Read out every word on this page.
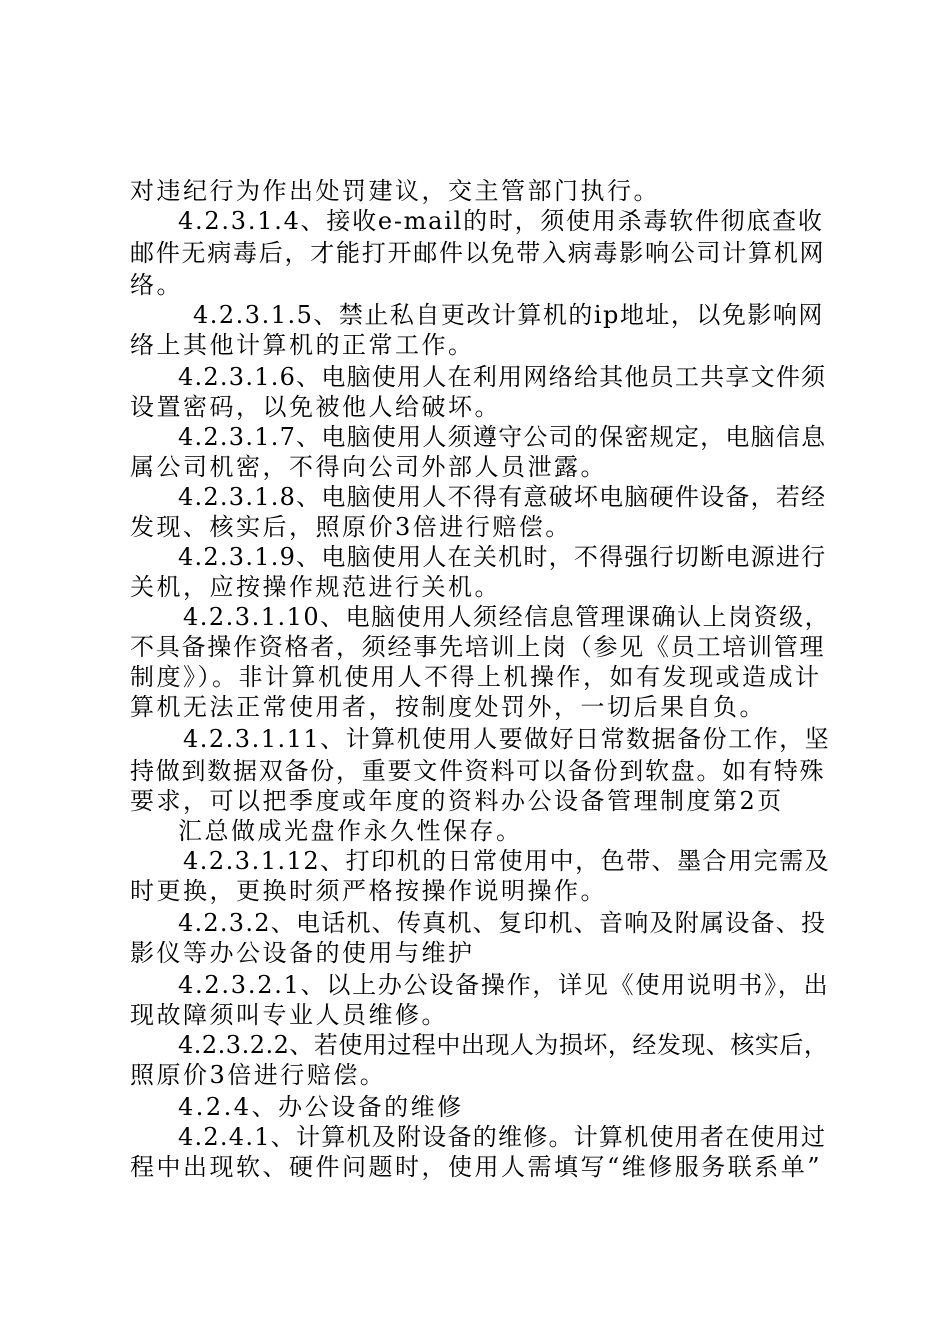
对违纪行为作出处罚建议，交主管部门执行。
4.2.3.1.4、接收e-mail的时，须使用杀毒软件彻底查收
邮件无病毒后，才能打开邮件以免带入病毒影响公司计算机网
络。
4.2.3.1.5、禁止私自更改计算机的ip地址，以免影响网
络上其他计算机的正常工作。
4.2.3.1.6、电脑使用人在利用网络给其他员工共享文件须
设置密码，以免被他人给破坏。
4.2.3.1.7、电脑使用人须遵守公司的保密规定，电脑信息
属公司机密，不得向公司外部人员泄露。
4.2.3.1.8、电脑使用人不得有意破坏电脑硬件设备，若经
发现、核实后，照原价3倍进行赔偿。
4.2.3.1.9、电脑使用人在关机时，不得强行切断电源进行
关机，应按操作规范进行关机。
4.2.3.1.10、电脑使用人须经信息管理课确认上岗资级，
不具备操作资格者，须经事先培训上岗（参见《员工培训管理
制度》）。非计算机使用人不得上机操作，如有发现或造成计
算机无法正常使用者，按制度处罚外，一切后果自负。
4.2.3.1.11、计算机使用人要做好日常数据备份工作，坚
持做到数据双备份，重要文件资料可以备份到软盘。如有特殊
要求，可以把季度或年度的资料办公设备管理制度第2页
汇总做成光盘作永久性保存。
4.2.3.1.12、打印机的日常使用中，色带、墨合用完需及
时更换，更换时须严格按操作说明操作。
4.2.3.2、电话机、传真机、复印机、音响及附属设备、投
影仪等办公设备的使用与维护
4.2.3.2.1、以上办公设备操作，详见《使用说明书》，出
现故障须叫专业人员维修。
4.2.3.2.2、若使用过程中出现人为损坏，经发现、核实后，
照原价3倍进行赔偿。
4.2.4、办公设备的维修
4.2.4.1、计算机及附设备的维修。计算机使用者在使用过
程中出现软、硬件问题时，使用人需填写“维修服务联系单”
